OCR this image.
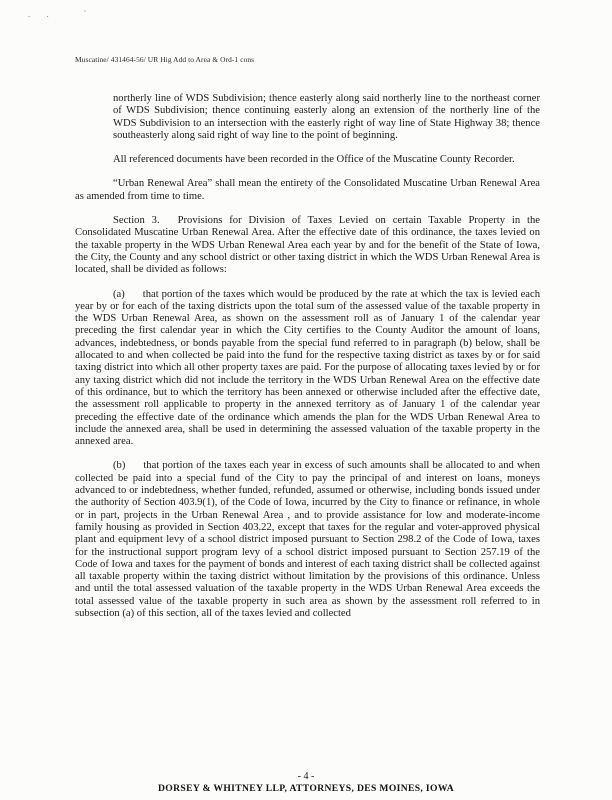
. .   `
Muscatine/ 431464-56/ UR Hig Add to Area & Ord-1 cons

northerly line of WDS Subdivision; thence easterly along said northerly line to the northeast corner of WDS Subdivision; thence continuing easterly along an extension of the northerly line of the WDS Subdivision to an intersection with the easterly right of way line of State Highway 38; thence southeasterly along said right of way line to the point of beginning.

All referenced documents have been recorded in the Office of the Muscatine County Recorder.

“Urban Renewal Area” shall mean the entirety of the Consolidated Muscatine Urban Renewal Area as amended from time to time.

Section 3. Provisions for Division of Taxes Levied on certain Taxable Property in the Consolidated Muscatine Urban Renewal Area. After the effective date of this ordinance, the taxes levied on the taxable property in the WDS Urban Renewal Area each year by and for the benefit of the State of Iowa, the City, the County and any school district or other taxing district in which the WDS Urban Renewal Area is located, shall be divided as follows:

(a) that portion of the taxes which would be produced by the rate at which the tax is levied each year by or for each of the taxing districts upon the total sum of the assessed value of the taxable property in the WDS Urban Renewal Area, as shown on the assessment roll as of January 1 of the calendar year preceding the first calendar year in which the City certifies to the County Auditor the amount of loans, advances, indebtedness, or bonds payable from the special fund referred to in paragraph (b) below, shall be allocated to and when collected be paid into the fund for the respective taxing district as taxes by or for said taxing district into which all other property taxes are paid. For the purpose of allocating taxes levied by or for any taxing district which did not include the territory in the WDS Urban Renewal Area on the effective date of this ordinance, but to which the territory has been annexed or otherwise included after the effective date, the assessment roll applicable to property in the annexed territory as of January 1 of the calendar year preceding the effective date of the ordinance which amends the plan for the WDS Urban Renewal Area to include the annexed area, shall be used in determining the assessed valuation of the taxable property in the annexed area.

(b) that portion of the taxes each year in excess of such amounts shall be allocated to and when collected be paid into a special fund of the City to pay the principal of and interest on loans, moneys advanced to or indebtedness, whether funded, refunded, assumed or otherwise, including bonds issued under the authority of Section 403.9(1), of the Code of Iowa, incurred by the City to finance or refinance, in whole or in part, projects in the Urban Renewal Area , and to provide assistance for low and moderate-income family housing as provided in Section 403.22, except that taxes for the regular and voter-approved physical plant and equipment levy of a school district imposed pursuant to Section 298.2 of the Code of Iowa, taxes for the instructional support program levy of a school district imposed pursuant to Section 257.19 of the Code of Iowa and taxes for the payment of bonds and interest of each taxing district shall be collected against all taxable property within the taxing district without limitation by the provisions of this ordinance. Unless and until the total assessed valuation of the taxable property in the WDS Urban Renewal Area exceeds the total assessed value of the taxable property in such area as shown by the assessment roll referred to in subsection (a) of this section, all of the taxes levied and collected

- 4 -
DORSEY & WHITNEY LLP, ATTORNEYS, DES MOINES, IOWA
